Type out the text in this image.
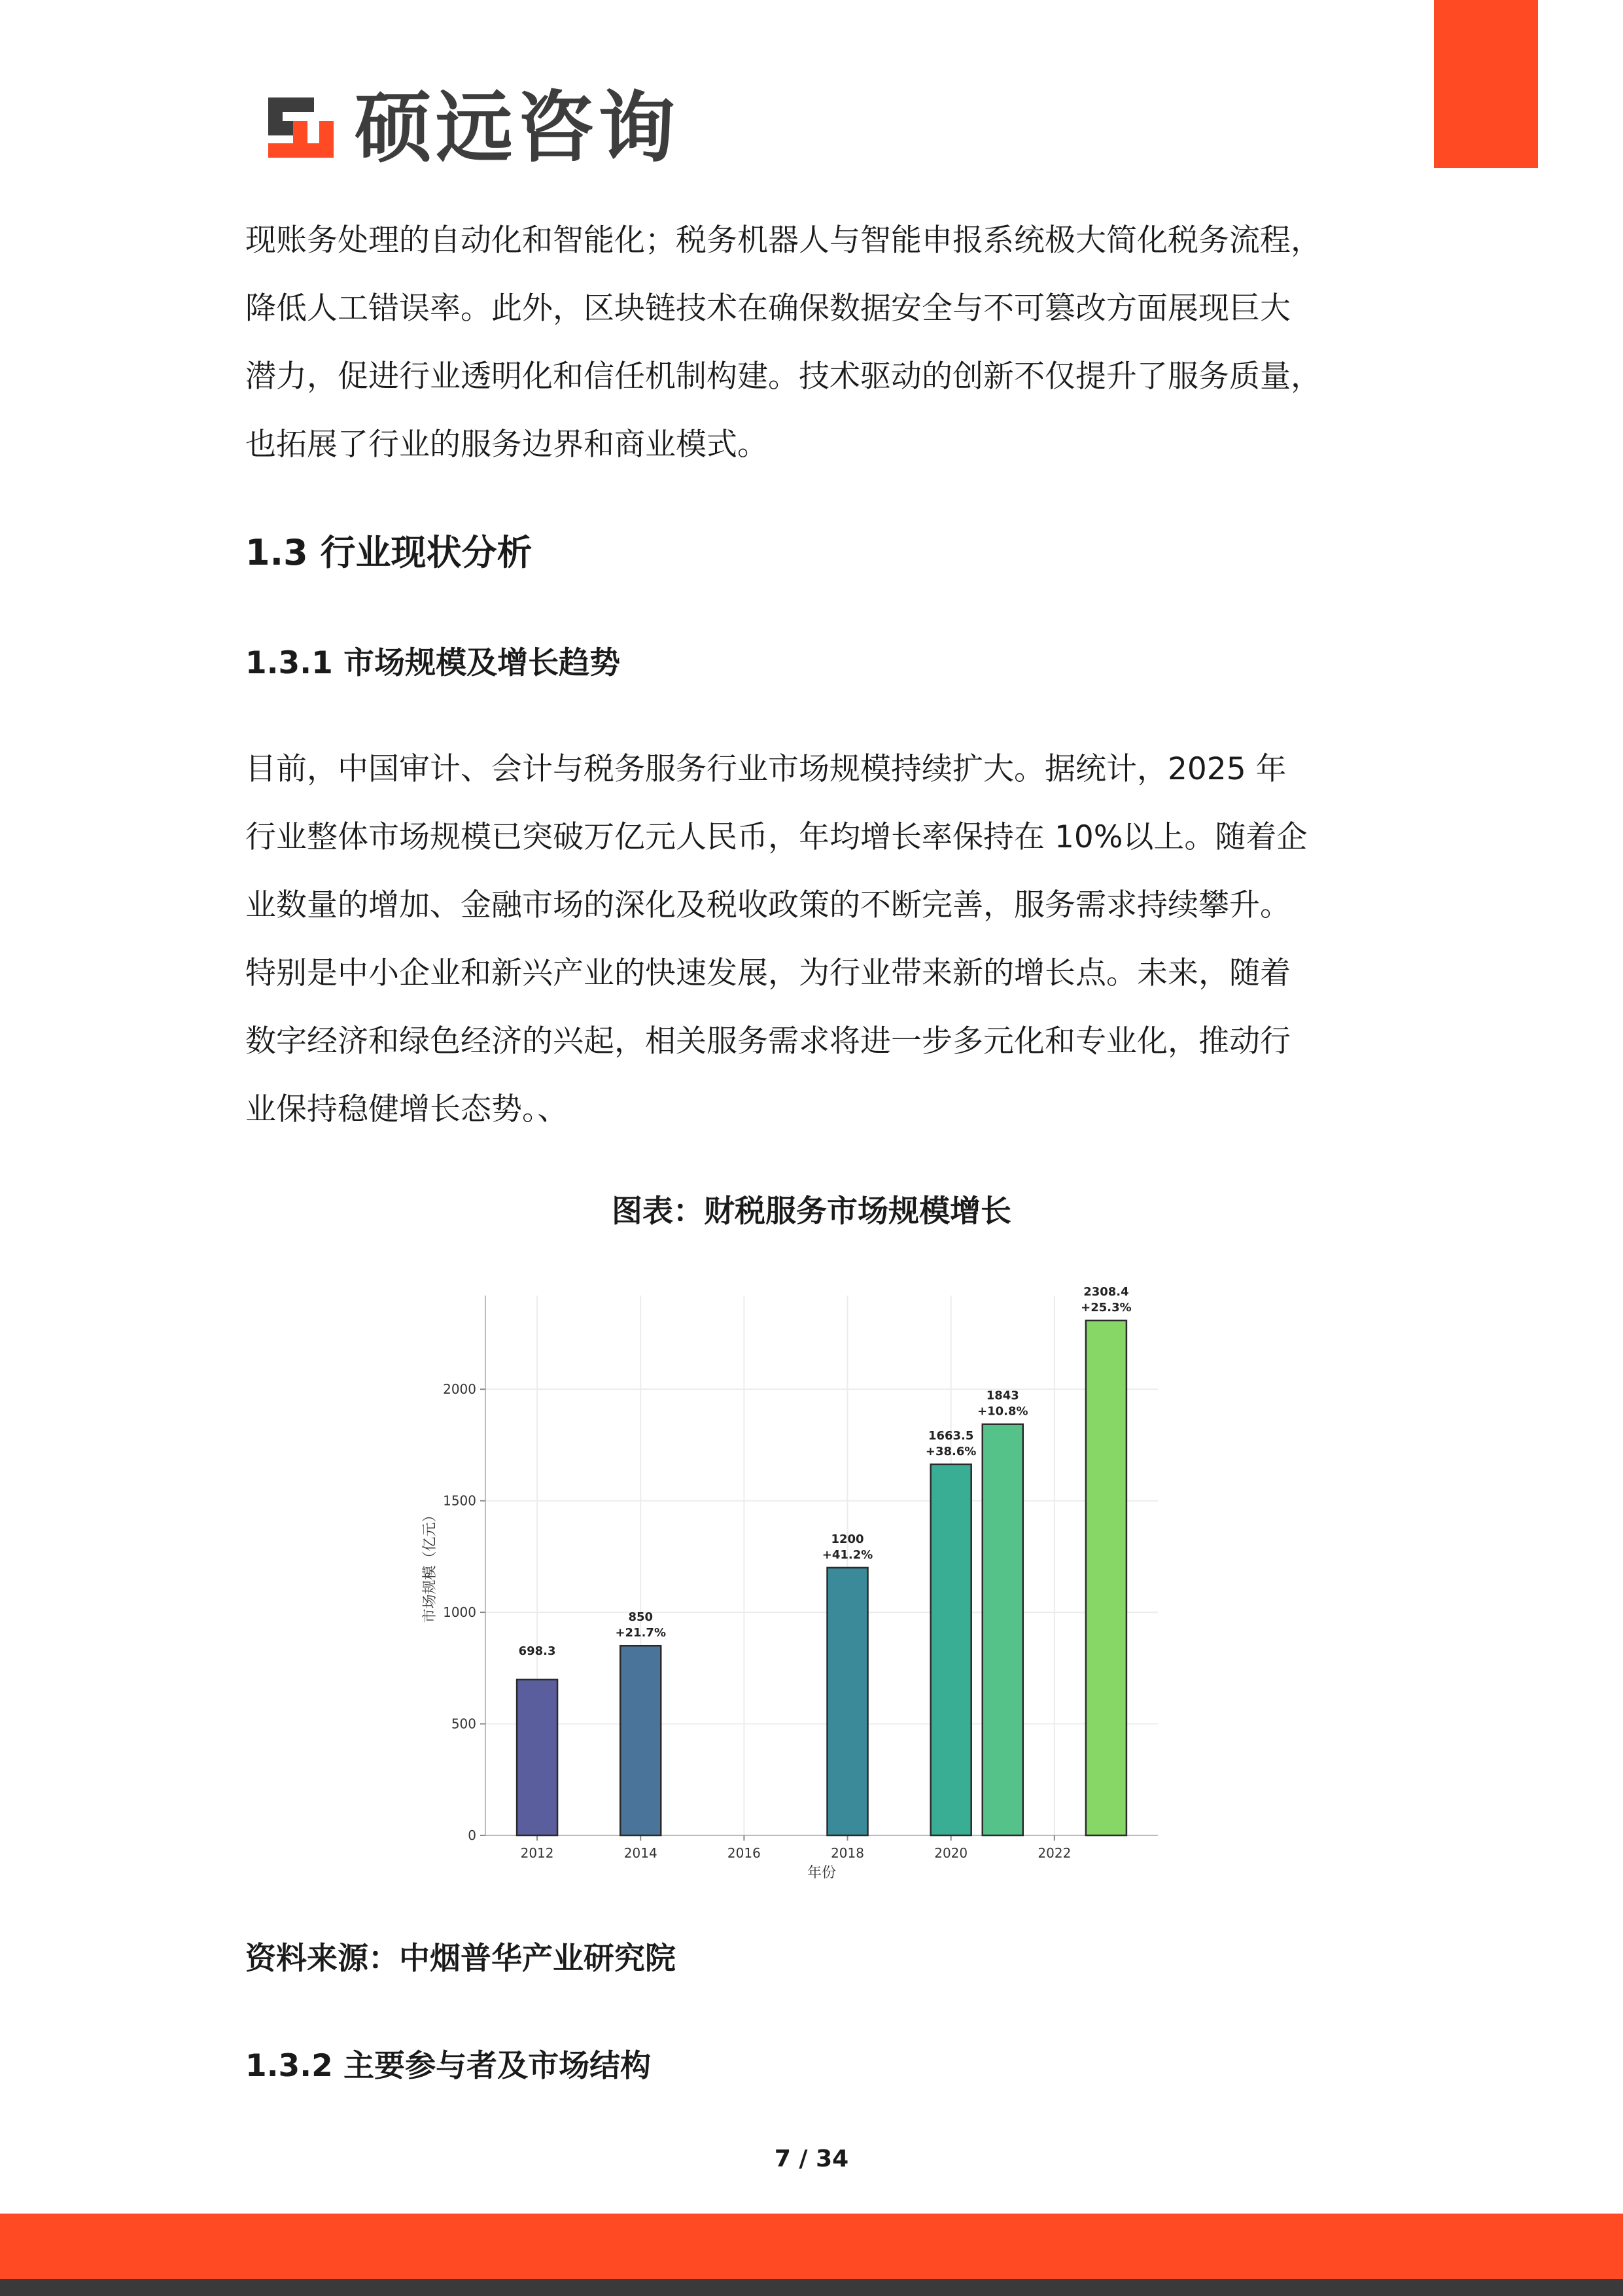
硕远咨询
现账务处理的自动化和智能化；税务机器人与智能申报系统极大简化税务流程，
降低人工错误率。此外，区块链技术在确保数据安全与不可篡改方面展现巨大
潜力，促进行业透明化和信任机制构建。技术驱动的创新不仅提升了服务质量，
也拓展了行业的服务边界和商业模式。
1.3 行业现状分析
1.3.1 市场规模及增长趋势
目前，中国审计、会计与税务服务行业市场规模持续扩大。据统计，2025 年
行业整体市场规模已突破万亿元人民币，年均增长率保持在 10%以上。随着企
业数量的增加、金融市场的深化及税收政策的不断完善，服务需求持续攀升。
特别是中小企业和新兴产业的快速发展，为行业带来新的增长点。未来，随着
数字经济和绿色经济的兴起，相关服务需求将进一步多元化和专业化，推动行
业保持稳健增长态势。、
图表：财税服务市场规模增长
0
500
1000
1500
2000
2012	2014	2016	2018	2020	2022
年份
市场规模（亿元）
698.3
+21.7%
850
+41.2%
1200
+38.6%
1663.5
+10.8%
1843
+25.3%
2308.4
资料来源：中烟普华产业研究院
1.3.2 主要参与者及市场结构
7 / 34
